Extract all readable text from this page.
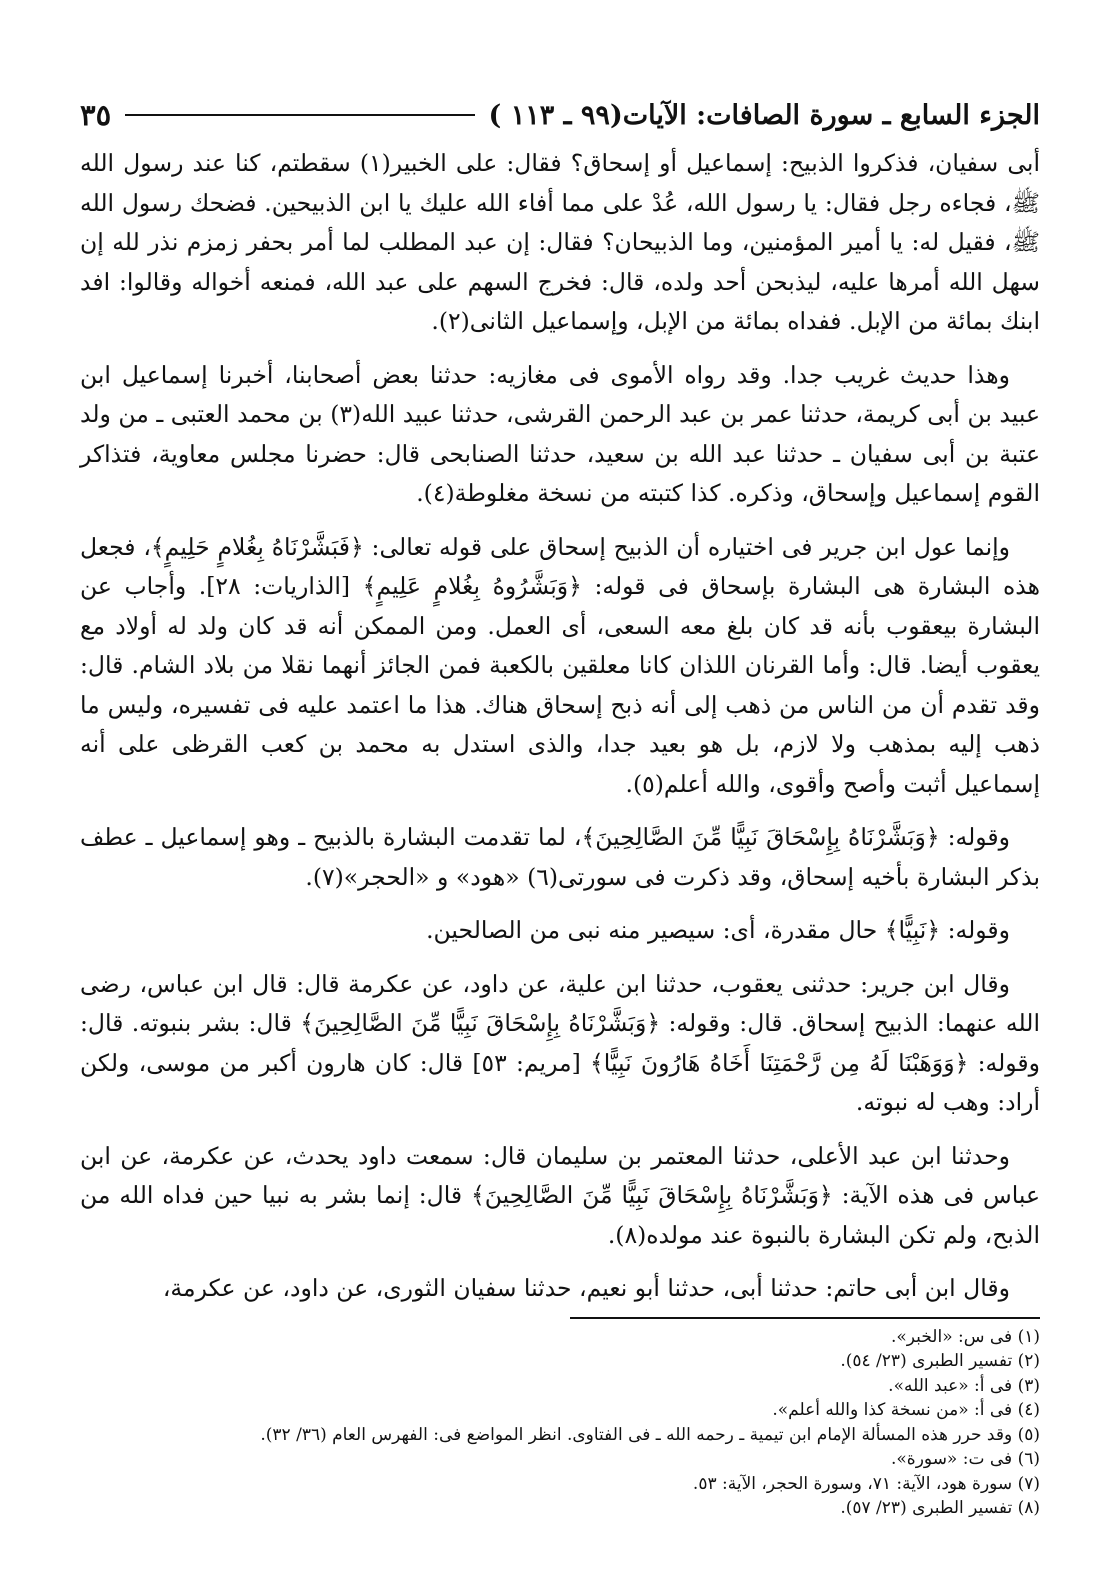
الجزء السابع ـ سورة الصافات: الآيات(٩٩ ـ ١١٣ )
٣٥

أبى سفيان، فذكروا الذبيح: إسماعيل أو إسحاق؟ فقال: على الخبير(١) سقطتم، كنا عند رسول الله ﷺ، فجاءه رجل فقال: يا رسول الله، عُدْ على مما أفاء الله عليك يا ابن الذبيحين. فضحك رسول الله ﷺ، فقيل له: يا أمير المؤمنين، وما الذبيحان؟ فقال: إن عبد المطلب لما أمر بحفر زمزم نذر لله إن سهل الله أمرها عليه، ليذبحن أحد ولده، قال: فخرج السهم على عبد الله، فمنعه أخواله وقالوا: افد ابنك بمائة من الإبل. ففداه بمائة من الإبل، وإسماعيل الثانى(٢).

وهذا حديث غريب جدا. وقد رواه الأموى فى مغازيه: حدثنا بعض أصحابنا، أخبرنا إسماعيل ابن عبيد بن أبى كريمة، حدثنا عمر بن عبد الرحمن القرشى، حدثنا عبيد الله(٣) بن محمد العتبى ـ من ولد عتبة بن أبى سفيان ـ حدثنا عبد الله بن سعيد، حدثنا الصنابحى قال: حضرنا مجلس معاوية، فتذاكر القوم إسماعيل وإسحاق، وذكره. كذا كتبته من نسخة مغلوطة(٤).

وإنما عول ابن جرير فى اختياره أن الذبيح إسحاق على قوله تعالى: ﴿فَبَشَّرْنَاهُ بِغُلامٍ حَلِيمٍ﴾، فجعل هذه البشارة هى البشارة بإسحاق فى قوله: ﴿وَبَشَّرُوهُ بِغُلامٍ عَلِيمٍ﴾ [الذاريات: ٢٨]. وأجاب عن البشارة بيعقوب بأنه قد كان بلغ معه السعى، أى العمل. ومن الممكن أنه قد كان ولد له أولاد مع يعقوب أيضا. قال: وأما القرنان اللذان كانا معلقين بالكعبة فمن الجائز أنهما نقلا من بلاد الشام. قال: وقد تقدم أن من الناس من ذهب إلى أنه ذبح إسحاق هناك. هذا ما اعتمد عليه فى تفسيره، وليس ما ذهب إليه بمذهب ولا لازم، بل هو بعيد جدا، والذى استدل به محمد بن كعب القرظى على أنه إسماعيل أثبت وأصح وأقوى، والله أعلم(٥).

وقوله: ﴿وَبَشَّرْنَاهُ بِإِسْحَاقَ نَبِيًّا مِّنَ الصَّالِحِينَ﴾، لما تقدمت البشارة بالذبيح ـ وهو إسماعيل ـ عطف بذكر البشارة بأخيه إسحاق، وقد ذكرت فى سورتى(٦) «هود» و «الحجر»(٧).

وقوله: ﴿نَبِيًّا﴾ حال مقدرة، أى: سيصير منه نبى من الصالحين.

وقال ابن جرير: حدثنى يعقوب، حدثنا ابن علية، عن داود، عن عكرمة قال: قال ابن عباس، رضى الله عنهما: الذبيح إسحاق. قال: وقوله: ﴿وَبَشَّرْنَاهُ بِإِسْحَاقَ نَبِيًّا مِّنَ الصَّالِحِينَ﴾ قال: بشر بنبوته. قال: وقوله: ﴿وَوَهَبْنَا لَهُ مِن رَّحْمَتِنَا أَخَاهُ هَارُونَ نَبِيًّا﴾ [مريم: ٥٣] قال: كان هارون أكبر من موسى، ولكن أراد: وهب له نبوته.

وحدثنا ابن عبد الأعلى، حدثنا المعتمر بن سليمان قال: سمعت داود يحدث، عن عكرمة، عن ابن عباس فى هذه الآية: ﴿وَبَشَّرْنَاهُ بِإِسْحَاقَ نَبِيًّا مِّنَ الصَّالِحِينَ﴾ قال: إنما بشر به نبيا حين فداه الله من الذبح، ولم تكن البشارة بالنبوة عند مولده(٨).

وقال ابن أبى حاتم: حدثنا أبى، حدثنا أبو نعيم، حدثنا سفيان الثورى، عن داود، عن عكرمة،

(١) فى س: «الخبر».

(٢) تفسير الطبرى (٢٣/ ٥٤).

(٣) فى أ: «عبد الله».

(٤) فى أ: «من نسخة كذا والله أعلم».

(٥) وقد حرر هذه المسألة الإمام ابن تيمية ـ رحمه الله ـ فى الفتاوى. انظر المواضع فى: الفهرس العام (٣٦/ ٣٢).

(٦) فى ت: «سورة».

(٧) سورة هود، الآية: ٧١، وسورة الحجر، الآية: ٥٣.

(٨) تفسير الطبرى (٢٣/ ٥٧).
